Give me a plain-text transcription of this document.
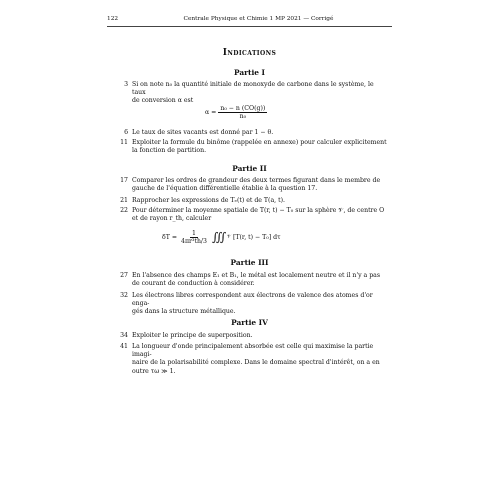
122	Centrale Physique et Chimie 1 MP 2021 — Corrigé
Indications
Partie I
3 Si on note n₀ la quantité initiale de monoxyde de carbone dans le système, le taux
de conversion α est
$\alpha = \frac{\text{n₀ − n (CO(g))}}{\text{n₀}}$
6 Le taux de sites vacants est donné par 1 − θ.
11 Exploiter la formule du binôme (rappelée en annexe) pour calculer explicitement
la fonction de partition.
Partie II
17 Comparer les ordres de grandeur des deux termes figurant dans le membre de
gauche de l'équation différentielle établie à la question 17.
21 Rapprocher les expressions de Tₑ(t) et de T(a, t).
22 Pour déterminer la moyenne spatiale de T(r, t) − T₀ sur la sphère 𝒱, de centre O
et de rayon r_th, calculer
$\delta T = \frac{1}{\text{4πr³th/3}}$ ∭ 𝒱 [T(r, t) − T₀] dτ
Partie III
27 En l'absence des champs E₁ et B₁, le métal est localement neutre et il n'y a pas
de courant de conduction à considérer.
32 Les électrons libres correspondent aux électrons de valence des atomes d'or enga-
gés dans la structure métallique.
Partie IV
34 Exploiter le principe de superposition.
41 La longueur d'onde principalement absorbée est celle qui maximise la partie imagi-
naire de la polarisabilité complexe. Dans le domaine spectral d'intérêt, on a en
outre τω ≫ 1.
